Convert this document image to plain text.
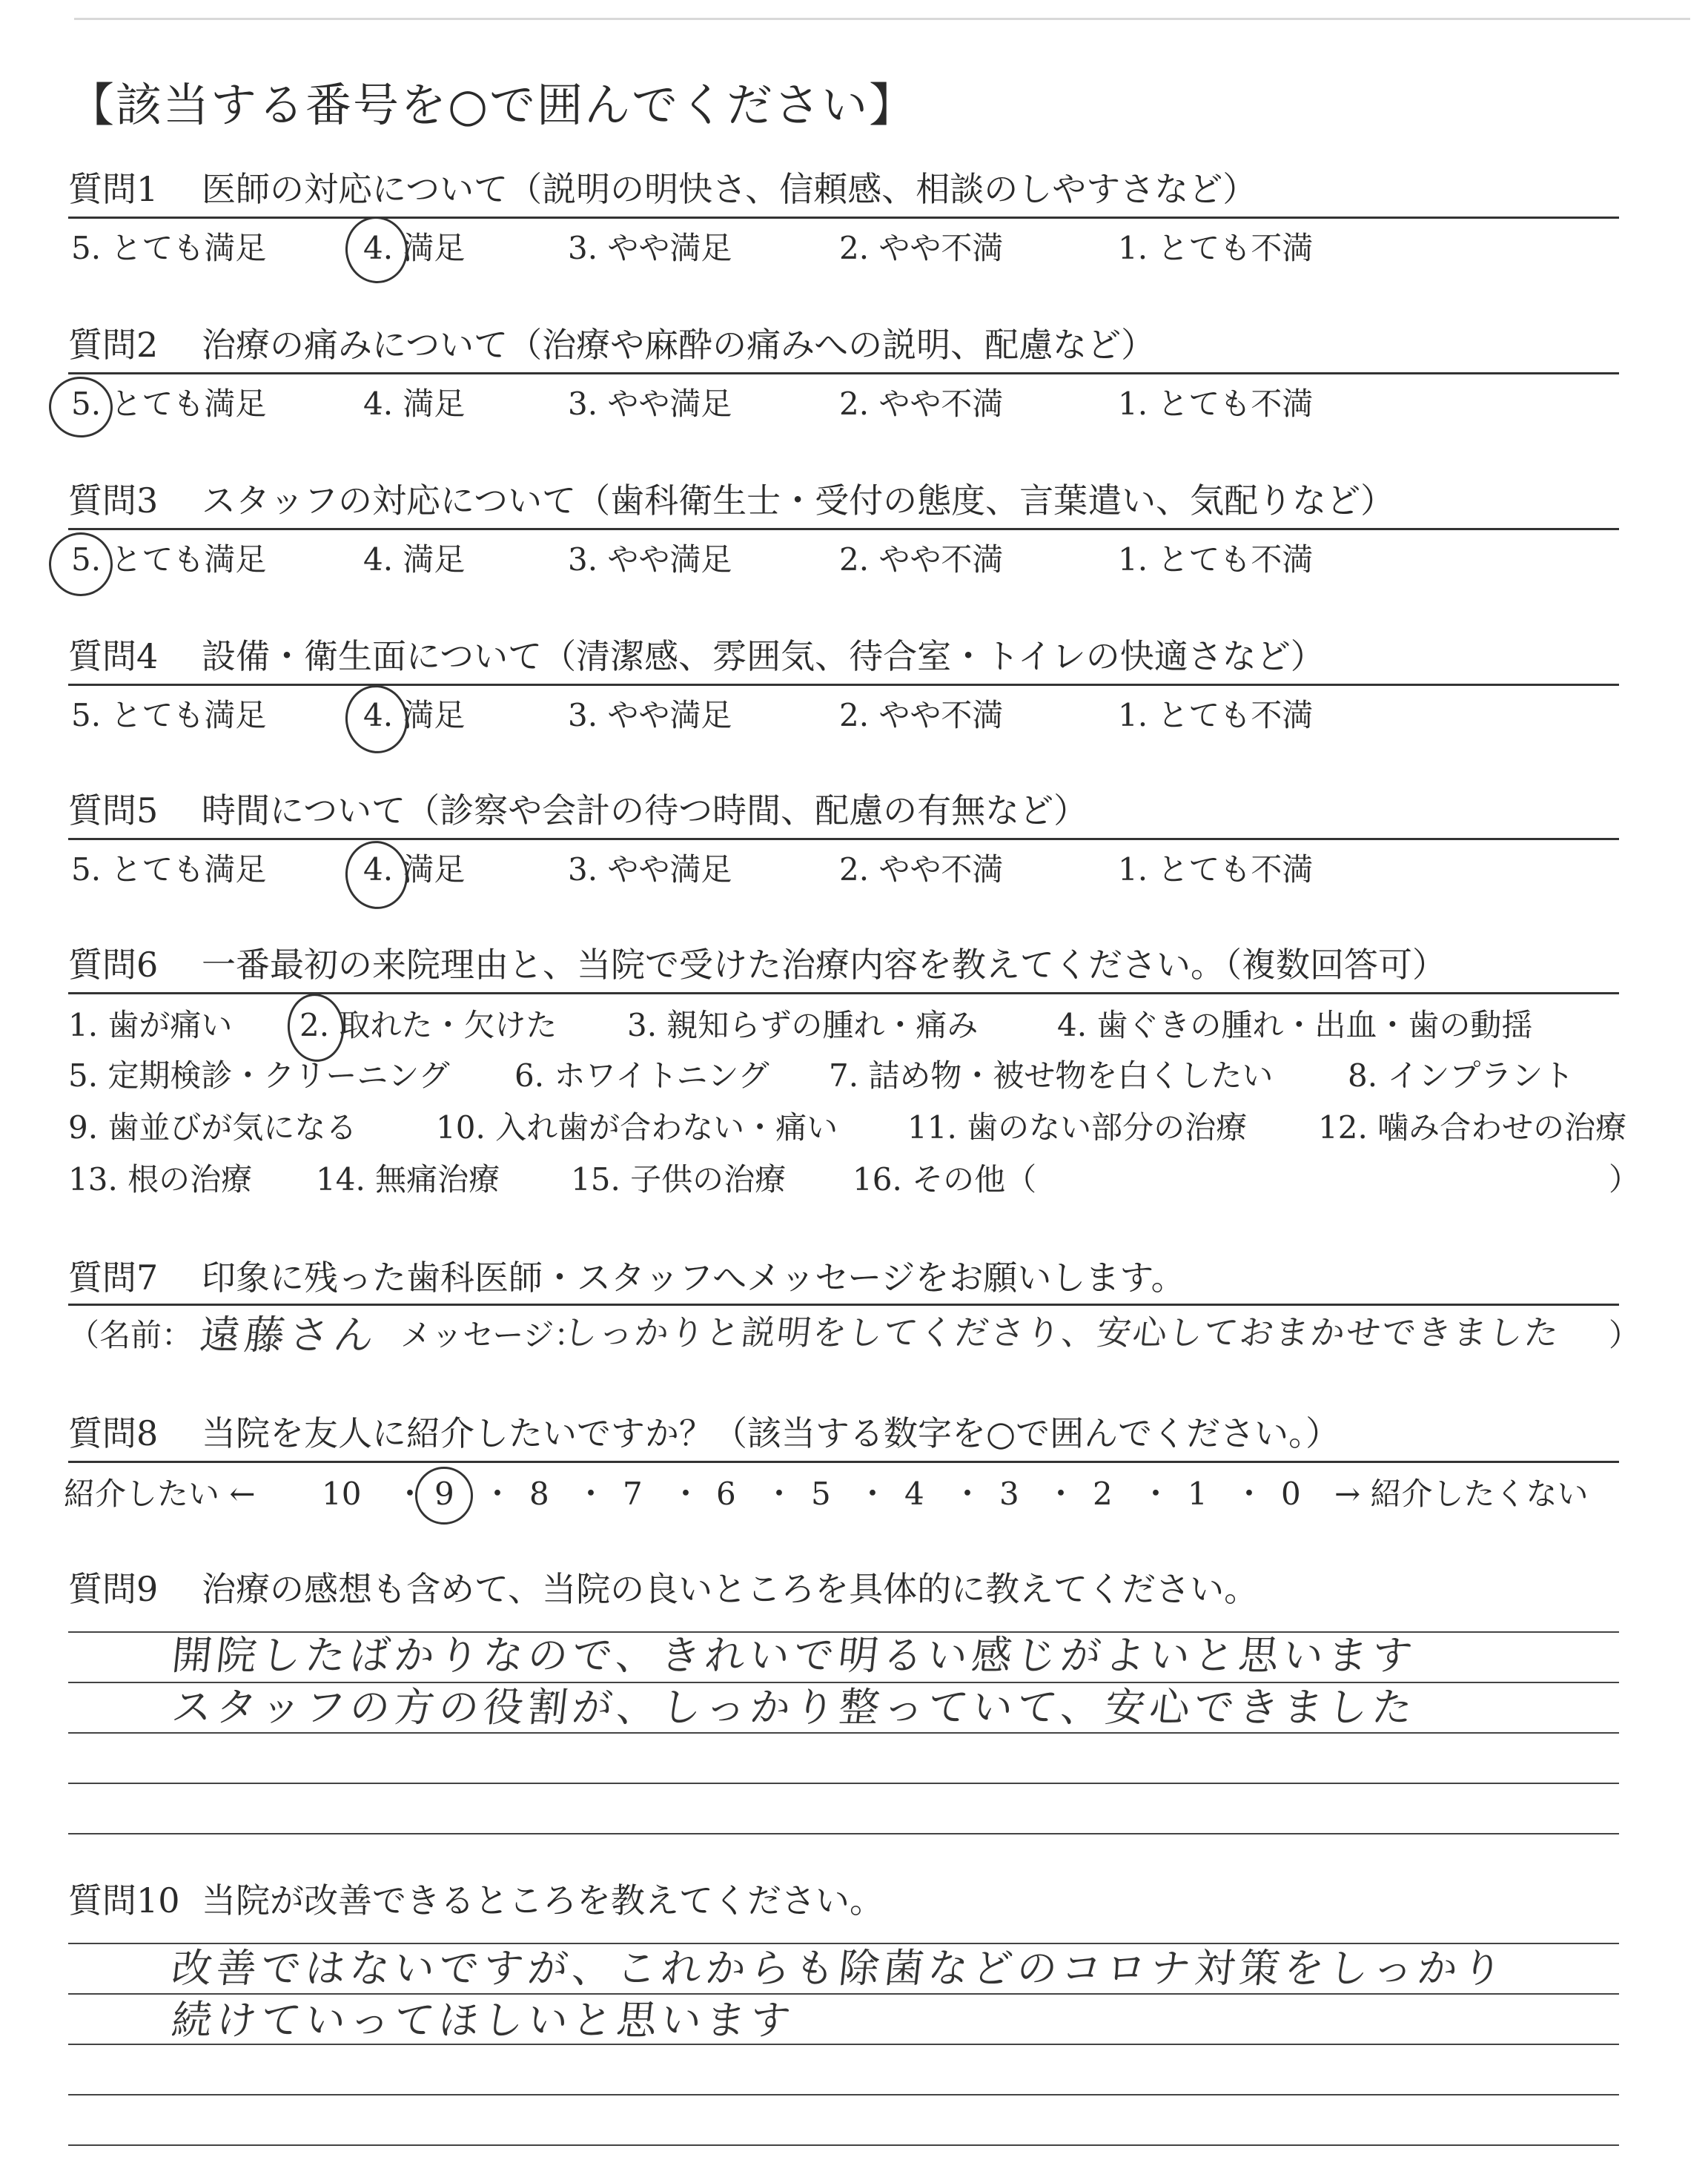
【該当する番号を○で囲んでください】
質問1 医師の対応について（説明の明快さ、信頼感、相談のしやすさなど）
5. とても満足	4. 満足	3. やや満足	2. やや不満	1. とても不満
質問2 治療の痛みについて（治療や麻酔の痛みへの説明、配慮など）
5. とても満足	4. 満足	3. やや満足	2. やや不満	1. とても不満
質問3 スタッフの対応について（歯科衛生士・受付の態度、言葉遣い、気配りなど）
5. とても満足	4. 満足	3. やや満足	2. やや不満	1. とても不満
質問4 設備・衛生面について（清潔感、雰囲気、待合室・トイレの快適さなど）
5. とても満足	4. 満足	3. やや満足	2. やや不満	1. とても不満
質問5 時間について（診察や会計の待つ時間、配慮の有無など）
5. とても満足	4. 満足	3. やや満足	2. やや不満	1. とても不満
質問6 一番最初の来院理由と、当院で受けた治療内容を教えてください。（複数回答可）
1. 歯が痛い 2. 取れた・欠けた 3. 親知らずの腫れ・痛み	4. 歯ぐきの腫れ・出血・歯の動揺
5. 定期検診・クリーニング 6. ホワイトニング 7. 詰め物・被せ物を白くしたい 8. インプラント
9. 歯並びが気になる	10. 入れ歯が合わない・痛い 11. 歯のない部分の治療 12. 噛み合わせの治療
13. 根の治療 14. 無痛治療 15. 子供の治療 16. その他（	）
質問7 印象に残った歯科医師・スタッフへメッセージをお願いします。
（名前： 遠藤さん メッセージ：
しっかりと説明をしてくださり、安心しておまかせできました ）
質問8 当院を友人に紹介したいですか？（該当する数字を○で囲んでください。）
紹介したい ← 10 ・ 9 ・ 8 ・ 7 ・ 6 ・ 5 ・ 4 ・ 3 ・ 2 ・ 1 ・ 0 → 紹介したくない
質問9 治療の感想も含めて、当院の良いところを具体的に教えてください。
開院したばかりなので、きれいで明るい感じがよいと思います
スタッフの方の役割が、しっかり整っていて、安心できました
質問10 当院が改善できるところを教えてください。
改善ではないですが、これからも除菌などのコロナ対策をしっかり
続けていってほしいと思います
